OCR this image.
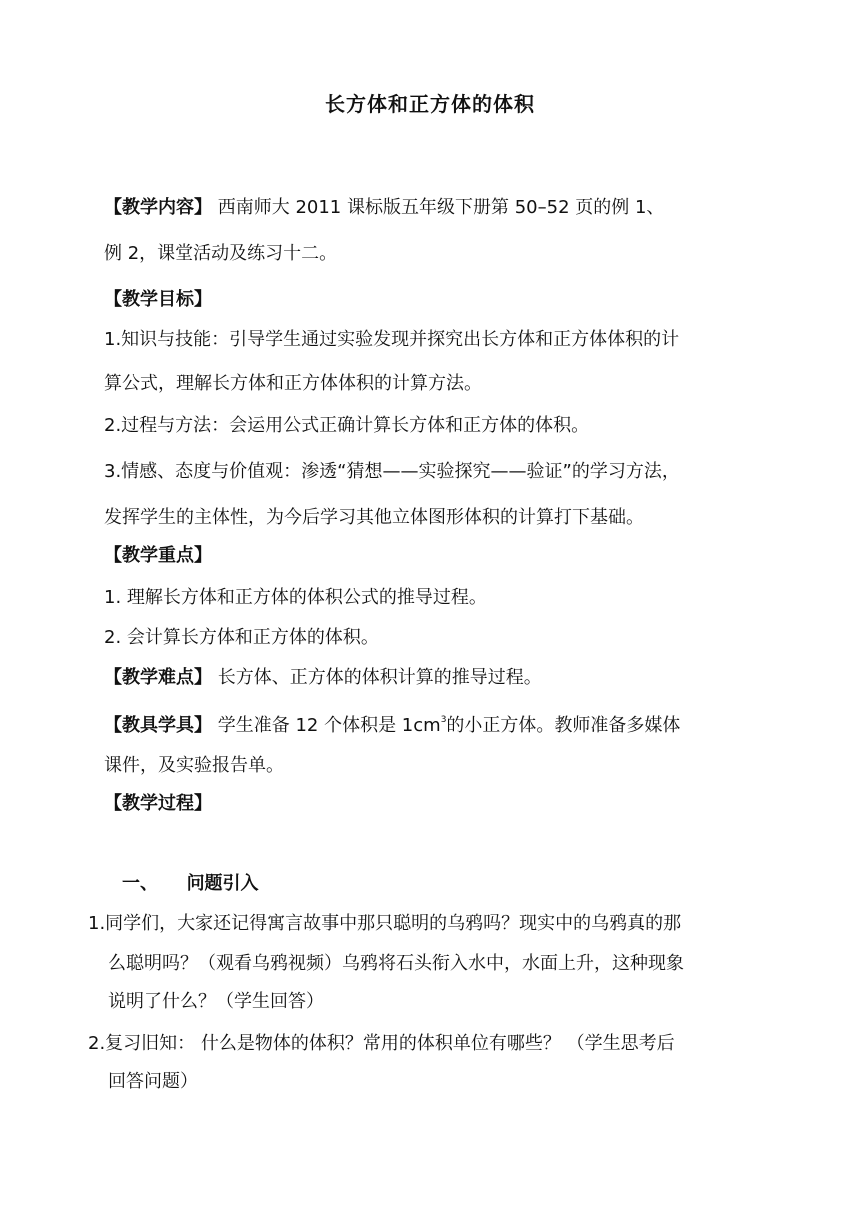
长方体和正方体的体积
【教学内容】 西南师大 2011 课标版五年级下册第 50–52 页的例 1、
例 2，课堂活动及练习十二。
【教学目标】
1.知识与技能：引导学生通过实验发现并探究出长方体和正方体体积的计
算公式，理解长方体和正方体体积的计算方法。
2.过程与方法：会运用公式正确计算长方体和正方体的体积。
3.情感、态度与价值观：渗透“猜想——实验探究——验证”的学习方法，
发挥学生的主体性，为今后学习其他立体图形体积的计算打下基础。
【教学重点】
1. 理解长方体和正方体的体积公式的推导过程。
2. 会计算长方体和正方体的体积。
【教学难点】 长方体、正方体的体积计算的推导过程。
【教具学具】 学生准备 12 个体积是 $1cm^3$的小正方体。教师准备多媒体
课件，及实验报告单。
【教学过程】
一、 问题引入
1.同学们，大家还记得寓言故事中那只聪明的乌鸦吗？现实中的乌鸦真的那
么聪明吗？（观看乌鸦视频）乌鸦将石头衔入水中，水面上升，这种现象
说明了什么？（学生回答）
2.复习旧知： 什么是物体的体积？常用的体积单位有哪些？ （学生思考后
回答问题）
